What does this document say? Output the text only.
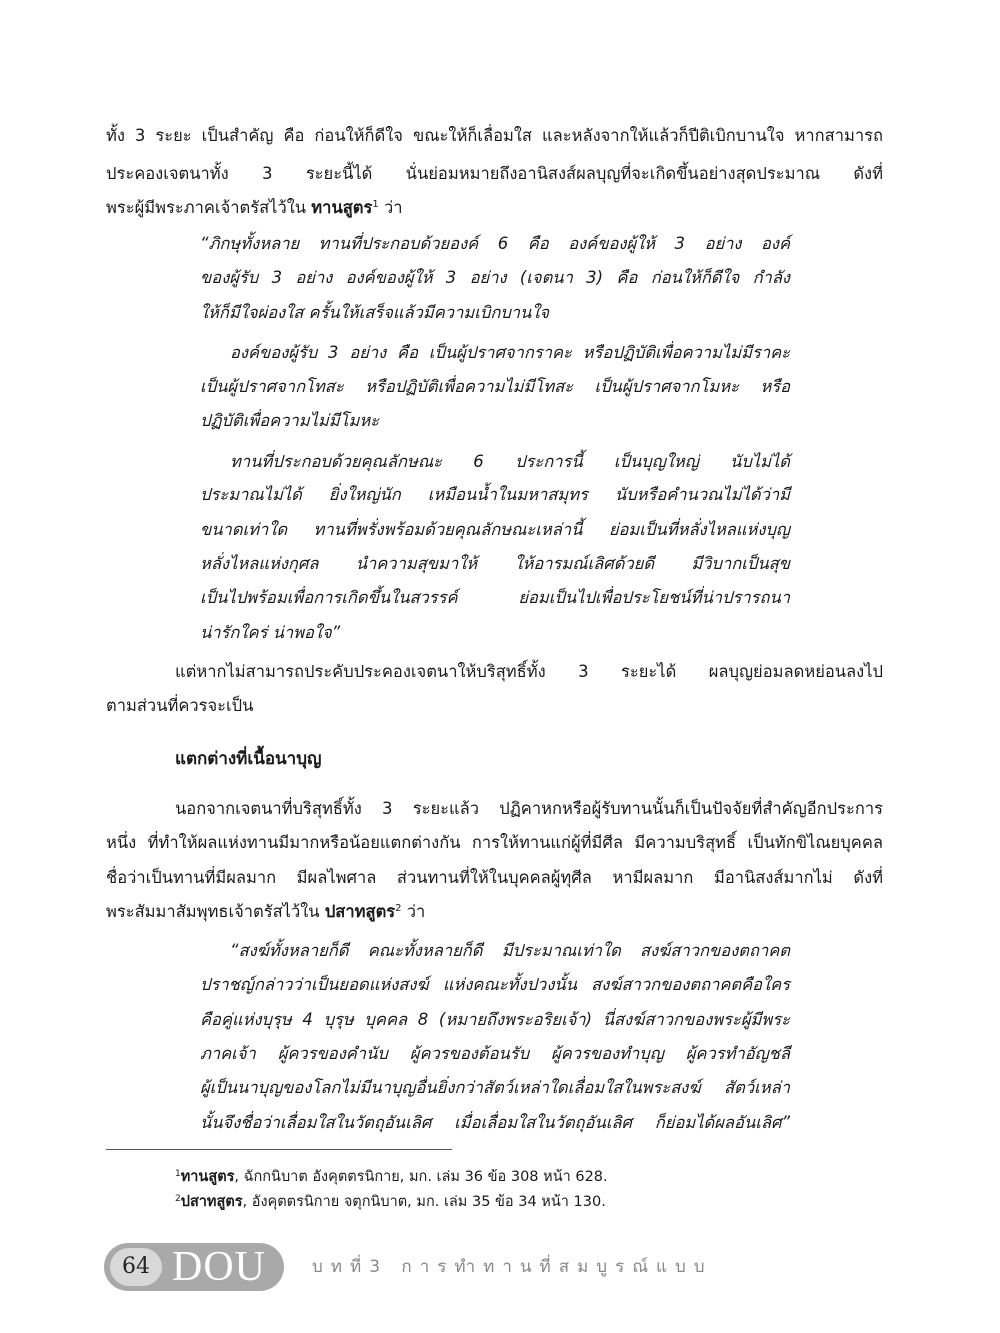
ทั้ง 3 ระยะ เป็นสำคัญ คือ ก่อนให้ก็ดีใจ ขณะให้ก็เลื่อมใส และหลังจากให้แล้วก็ปีติเบิกบานใจ หากสามารถ
ประคองเจตนาทั้ง 3 ระยะนี้ได้ นั่นย่อมหมายถึงอานิสงส์ผลบุญที่จะเกิดขึ้นอย่างสุดประมาณ ดังที่
พระผู้มีพระภาคเจ้าตรัสไว้ใน ทานสูตร$^1$ ว่า
“ภิกษุทั้งหลาย ทานที่ประกอบด้วยองค์ 6 คือ องค์ของผู้ให้ 3 อย่าง องค์
ของผู้รับ 3 อย่าง องค์ของผู้ให้ 3 อย่าง (เจตนา 3) คือ ก่อนให้ก็ดีใจ กำลัง
ให้ก็มีใจผ่องใส ครั้นให้เสร็จแล้วมีความเบิกบานใจ
องค์ของผู้รับ 3 อย่าง คือ เป็นผู้ปราศจากราคะ หรือปฏิบัติเพื่อความไม่มีราคะ
เป็นผู้ปราศจากโทสะ หรือปฏิบัติเพื่อความไม่มีโทสะ เป็นผู้ปราศจากโมหะ หรือ
ปฏิบัติเพื่อความไม่มีโมหะ
ทานที่ประกอบด้วยคุณลักษณะ 6 ประการนี้ เป็นบุญใหญ่ นับไม่ได้
ประมาณไม่ได้ ยิ่งใหญ่นัก เหมือนน้ำในมหาสมุทร นับหรือคำนวณไม่ได้ว่ามี
ขนาดเท่าใด ทานที่พรั่งพร้อมด้วยคุณลักษณะเหล่านี้ ย่อมเป็นที่หลั่งไหลแห่งบุญ
หลั่งไหลแห่งกุศล นำความสุขมาให้ ให้อารมณ์เลิศด้วยดี มีวิบากเป็นสุข
เป็นไปพร้อมเพื่อการเกิดขึ้นในสวรรค์ ย่อมเป็นไปเพื่อประโยชน์ที่น่าปรารถนา
น่ารักใคร่ น่าพอใจ”
แต่หากไม่สามารถประคับประคองเจตนาให้บริสุทธิ์ทั้ง 3 ระยะได้ ผลบุญย่อมลดหย่อนลงไป
ตามส่วนที่ควรจะเป็น
แตกต่างที่เนื้อนาบุญ
นอกจากเจตนาที่บริสุทธิ์ทั้ง 3 ระยะแล้ว ปฏิคาหกหรือผู้รับทานนั้นก็เป็นปัจจัยที่สำคัญอีกประการ
หนึ่ง ที่ทำให้ผลแห่งทานมีมากหรือน้อยแตกต่างกัน การให้ทานแก่ผู้ที่มีศีล มีความบริสุทธิ์ เป็นทักขิไณยบุคคล
ชื่อว่าเป็นทานที่มีผลมาก มีผลไพศาล ส่วนทานที่ให้ในบุคคลผู้ทุศีล หามีผลมาก มีอานิสงส์มากไม่ ดังที่
พระสัมมาสัมพุทธเจ้าตรัสไว้ใน ปสาทสูตร$^2$ ว่า
“สงฆ์ทั้งหลายก็ดี คณะทั้งหลายก็ดี มีประมาณเท่าใด สงฆ์สาวกของตถาคต
ปราชญ์กล่าวว่าเป็นยอดแห่งสงฆ์ แห่งคณะทั้งปวงนั้น สงฆ์สาวกของตถาคตคือใคร
คือคู่แห่งบุรุษ 4 บุรุษ บุคคล 8 (หมายถึงพระอริยเจ้า) นี่สงฆ์สาวกของพระผู้มีพระ
ภาคเจ้า ผู้ควรของคำนับ ผู้ควรของต้อนรับ ผู้ควรของทำบุญ ผู้ควรทำอัญชลี
ผู้เป็นนาบุญของโลกไม่มีนาบุญอื่นยิ่งกว่าสัตว์เหล่าใดเลื่อมใสในพระสงฆ์ สัตว์เหล่า
นั้นจึงชื่อว่าเลื่อมใสในวัตถุอันเลิศ เมื่อเลื่อมใสในวัตถุอันเลิศ ก็ย่อมได้ผลอันเลิศ”
$^1$ทานสูตร, ฉักกนิบาต อังคุตตรนิกาย, มก. เล่ม 36 ข้อ 308 หน้า 628.
$^2$ปสาทสูตร, อังคุตตรนิกาย จตุกนิบาต, มก. เล่ม 35 ข้อ 34 หน้า 130.
64 DOU	บทที่3 การทำทานที่สมบูรณ์แบบ
